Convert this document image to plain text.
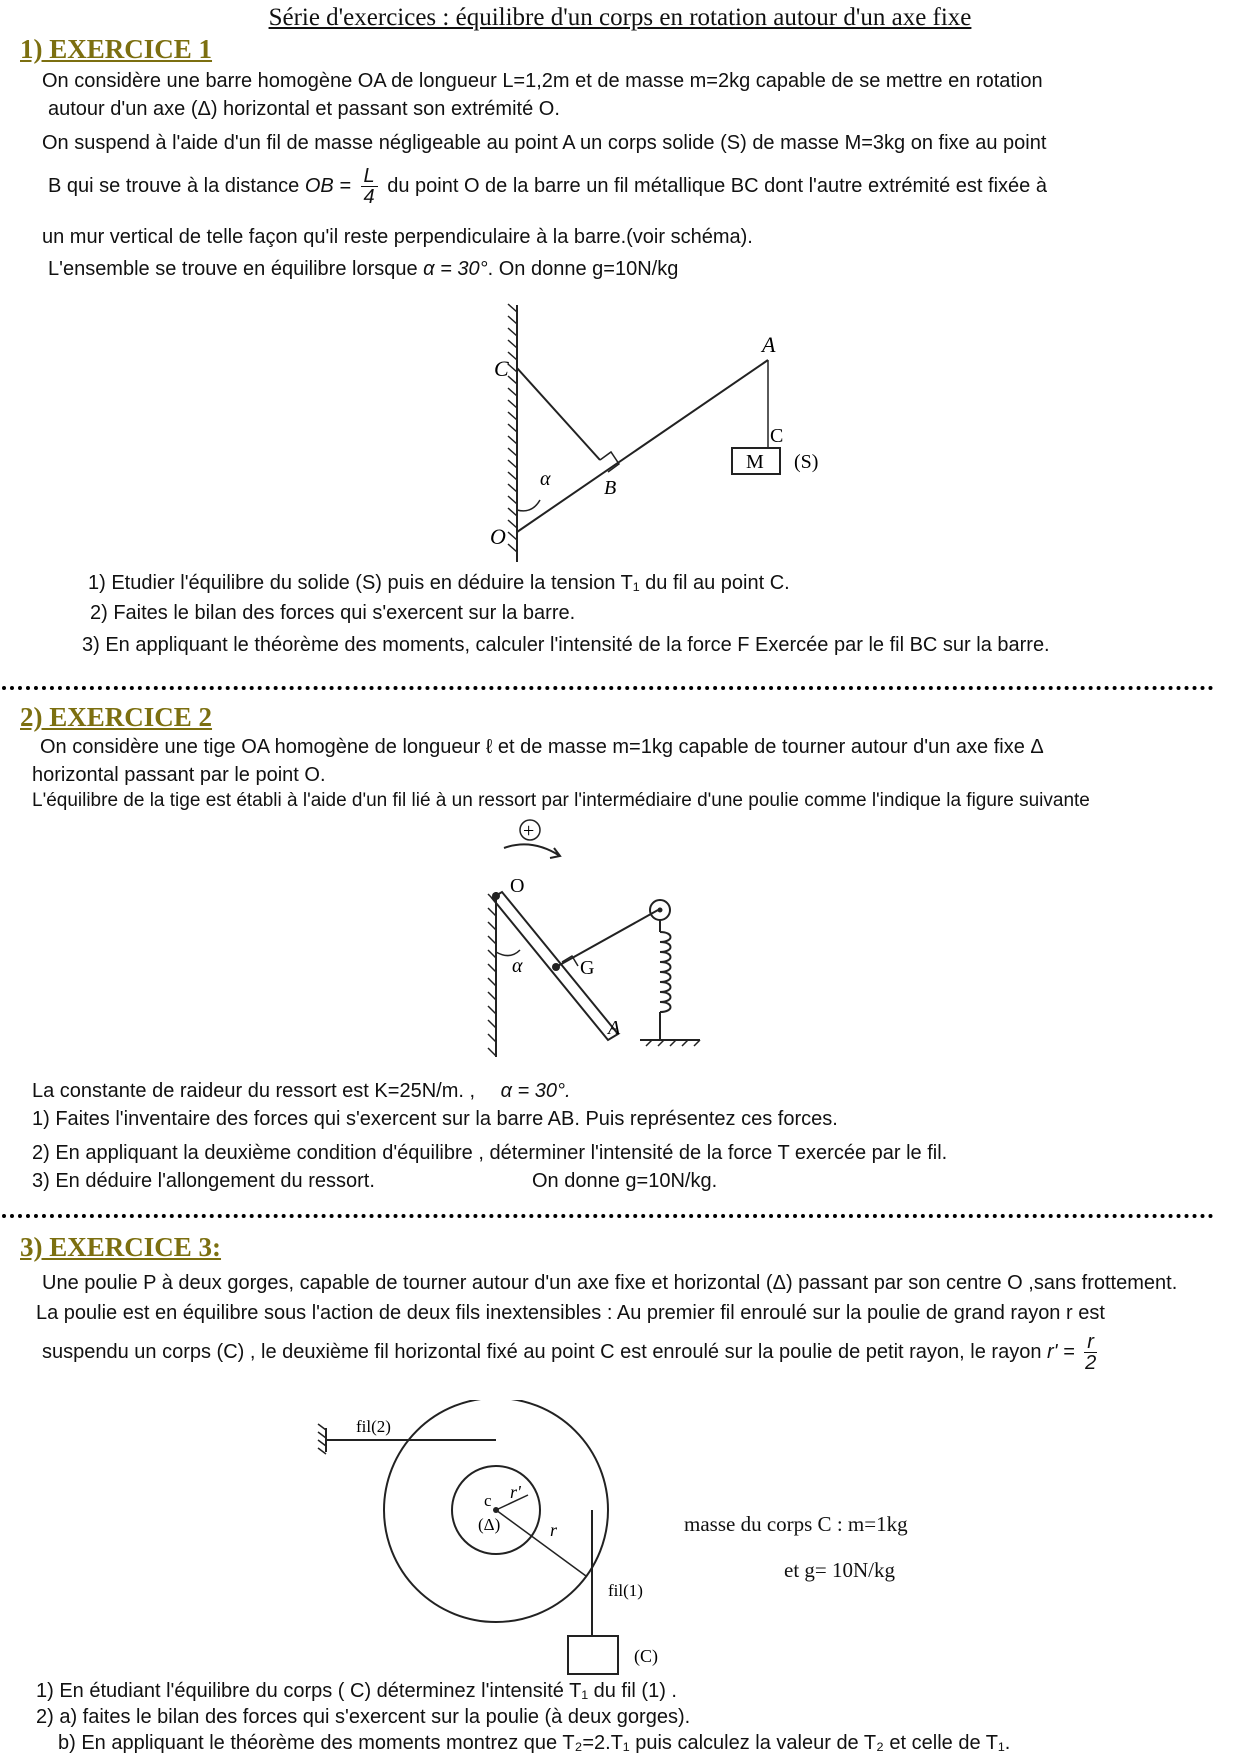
Série d'exercices : équilibre d'un corps en rotation autour d'un axe fixe
1) EXERCICE 1
On considère une barre homogène OA de longueur L=1,2m et de masse m=2kg capable de se mettre en rotation
autour d'un axe (Δ) horizontal et passant son extrémité O.
On suspend à l'aide d'un fil de masse négligeable au point A un corps solide (S) de masse M=3kg on fixe au point
B qui se trouve à la distance OB = $\frac{L}{4}$ du point O de la barre un fil métallique BC dont l'autre extrémité est fixée à
un mur vertical de telle façon qu'il reste perpendiculaire à la barre.(voir schéma).
L'ensemble se trouve en équilibre lorsque α = 30°. On donne g=10N/kg
A
C
C
M (S)
B
α
O
1) Etudier l'équilibre du solide (S) puis en déduire la tension T₁ du fil au point C.
2) Faites le bilan des forces qui s'exercent sur la barre.
3) En appliquant le théorème des moments, calculer l'intensité de la force F Exercée par le fil BC sur la barre.
2) EXERCICE 2
On considère une tige OA homogène de longueur ℓ et de masse m=1kg capable de tourner autour d'un axe fixe Δ
horizontal passant par le point O.
L'équilibre de la tige est établi à l'aide d'un fil lié à un ressort par l'intermédiaire d'une poulie comme l'indique la figure suivante
+
O
α	G
A
La constante de raideur du ressort est K=25N/m. , α = 30°.
1) Faites l'inventaire des forces qui s'exercent sur la barre AB. Puis représentez ces forces.
2) En appliquant la deuxième condition d'équilibre , déterminer l'intensité de la force T exercée par le fil.
3) En déduire l'allongement du ressort.	On donne g=10N/kg.
3) EXERCICE 3:
Une poulie P à deux gorges, capable de tourner autour d'un axe fixe et horizontal (Δ) passant par son centre O ,sans frottement.
La poulie est en équilibre sous l'action de deux fils inextensibles : Au premier fil enroulé sur la poulie de grand rayon r est
suspendu un corps (C) , le deuxième fil horizontal fixé au point C est enroulé sur la poulie de petit rayon, le rayon $r' = \frac{r}{2}$
fil(2)
c r'
(Δ)	r
fil(1)
(C)
masse du corps C : m=1kg
et g= 10N/kg
1) En étudiant l'équilibre du corps ( C) déterminez l'intensité T₁ du fil (1) .
2) a) faites le bilan des forces qui s'exercent sur la poulie (à deux gorges).
b) En appliquant le théorème des moments montrez que T₂=2.T₁ puis calculez la valeur de T₂ et celle de T₁.
